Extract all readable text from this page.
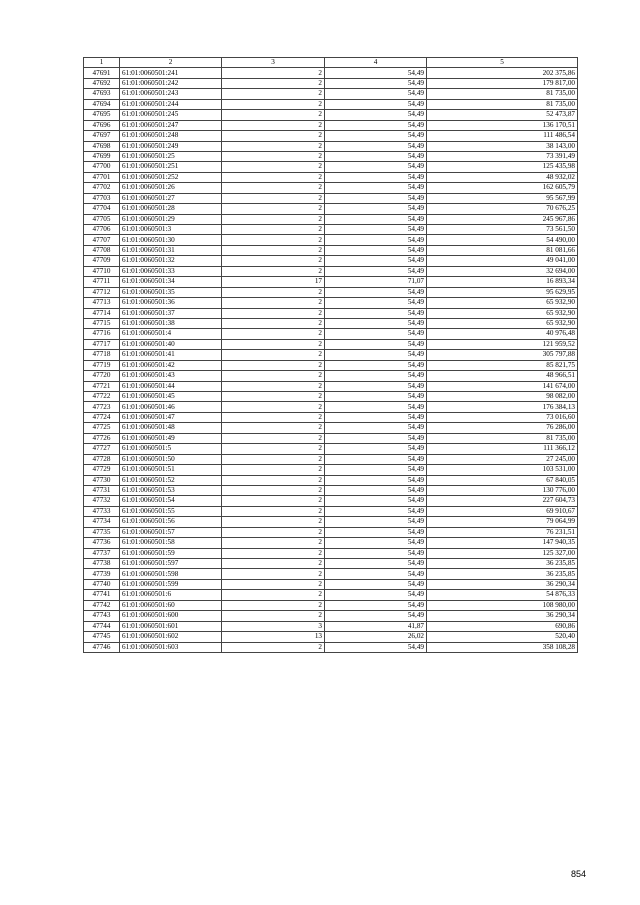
1	2	3	4	5
47691	61:01:0060501:241	2	54,49	202 375,86
47692	61:01:0060501:242	2	54,49	179 817,00
47693	61:01:0060501:243	2	54,49	81 735,00
47694	61:01:0060501:244	2	54,49	81 735,00
47695	61:01:0060501:245	2	54,49	52 473,87
47696	61:01:0060501:247	2	54,49	136 170,51
47697	61:01:0060501:248	2	54,49	111 486,54
47698	61:01:0060501:249	2	54,49	38 143,00
47699	61:01:0060501:25	2	54,49	73 391,49
47700	61:01:0060501:251	2	54,49	125 435,98
47701	61:01:0060501:252	2	54,49	48 932,02
47702	61:01:0060501:26	2	54,49	162 605,79
47703	61:01:0060501:27	2	54,49	95 567,99
47704	61:01:0060501:28	2	54,49	70 676,25
47705	61:01:0060501:29	2	54,49	245 967,86
47706	61:01:0060501:3	2	54,49	73 561,50
47707	61:01:0060501:30	2	54,49	54 490,00
47708	61:01:0060501:31	2	54,49	81 081,66
47709	61:01:0060501:32	2	54,49	49 041,00
47710	61:01:0060501:33	2	54,49	32 694,00
47711	61:01:0060501:34	17	71,07	16 893,34
47712	61:01:0060501:35	2	54,49	95 629,95
47713	61:01:0060501:36	2	54,49	65 932,90
47714	61:01:0060501:37	2	54,49	65 932,90
47715	61:01:0060501:38	2	54,49	65 932,90
47716	61:01:0060501:4	2	54,49	40 976,48
47717	61:01:0060501:40	2	54,49	121 959,52
47718	61:01:0060501:41	2	54,49	305 797,88
47719	61:01:0060501:42	2	54,49	85 821,75
47720	61:01:0060501:43	2	54,49	48 966,51
47721	61:01:0060501:44	2	54,49	141 674,00
47722	61:01:0060501:45	2	54,49	98 082,00
47723	61:01:0060501:46	2	54,49	176 384,13
47724	61:01:0060501:47	2	54,49	73 016,60
47725	61:01:0060501:48	2	54,49	76 286,00
47726	61:01:0060501:49	2	54,49	81 735,00
47727	61:01:0060501:5	2	54,49	111 366,12
47728	61:01:0060501:50	2	54,49	27 245,00
47729	61:01:0060501:51	2	54,49	103 531,00
47730	61:01:0060501:52	2	54,49	67 840,05
47731	61:01:0060501:53	2	54,49	130 776,00
47732	61:01:0060501:54	2	54,49	227 604,73
47733	61:01:0060501:55	2	54,49	69 910,67
47734	61:01:0060501:56	2	54,49	79 064,99
47735	61:01:0060501:57	2	54,49	76 231,51
47736	61:01:0060501:58	2	54,49	147 940,35
47737	61:01:0060501:59	2	54,49	125 327,00
47738	61:01:0060501:597	2	54,49	36 235,85
47739	61:01:0060501:598	2	54,49	36 235,85
47740	61:01:0060501:599	2	54,49	36 290,34
47741	61:01:0060501:6	2	54,49	54 876,33
47742	61:01:0060501:60	2	54,49	108 980,00
47743	61:01:0060501:600	2	54,49	36 290,34
47744	61:01:0060501:601	3	41,87	690,86
47745	61:01:0060501:602	13	26,02	520,40
47746	61:01:0060501:603	2	54,49	358 108,28
854
